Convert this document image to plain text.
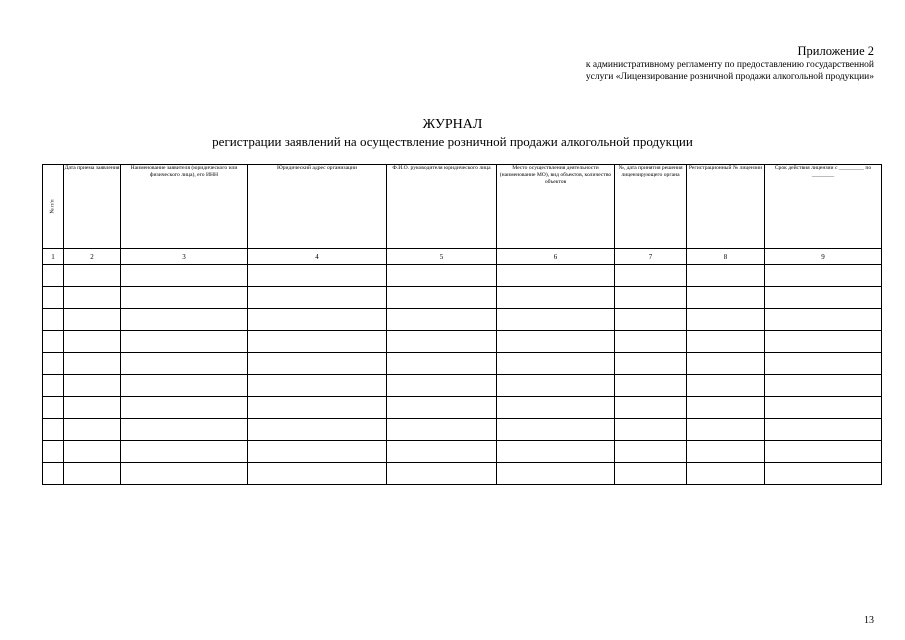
Приложение 2
к административному регламенту по предоставлению государственной
услуги «Лицензирование розничной продажи алкогольной продукции»
ЖУРНАЛ
регистрации заявлений на осуществление розничной продажи алкогольной продукции
№ п/п	Дата приема заявления	Наименование заявителя (юридического или физического лица), его ИНН	Юридический адрес организации	Ф.И.О. руководителя юридического лица	Место осуществления деятельности (наименование МО), вид объектов, количество объектов	№, дата принятия решения лицензирующего органа	Регистрационный № лицензии	Срок действия лицензии с _________ по ________
1	2	3	4	5	6	7	8	9

13
